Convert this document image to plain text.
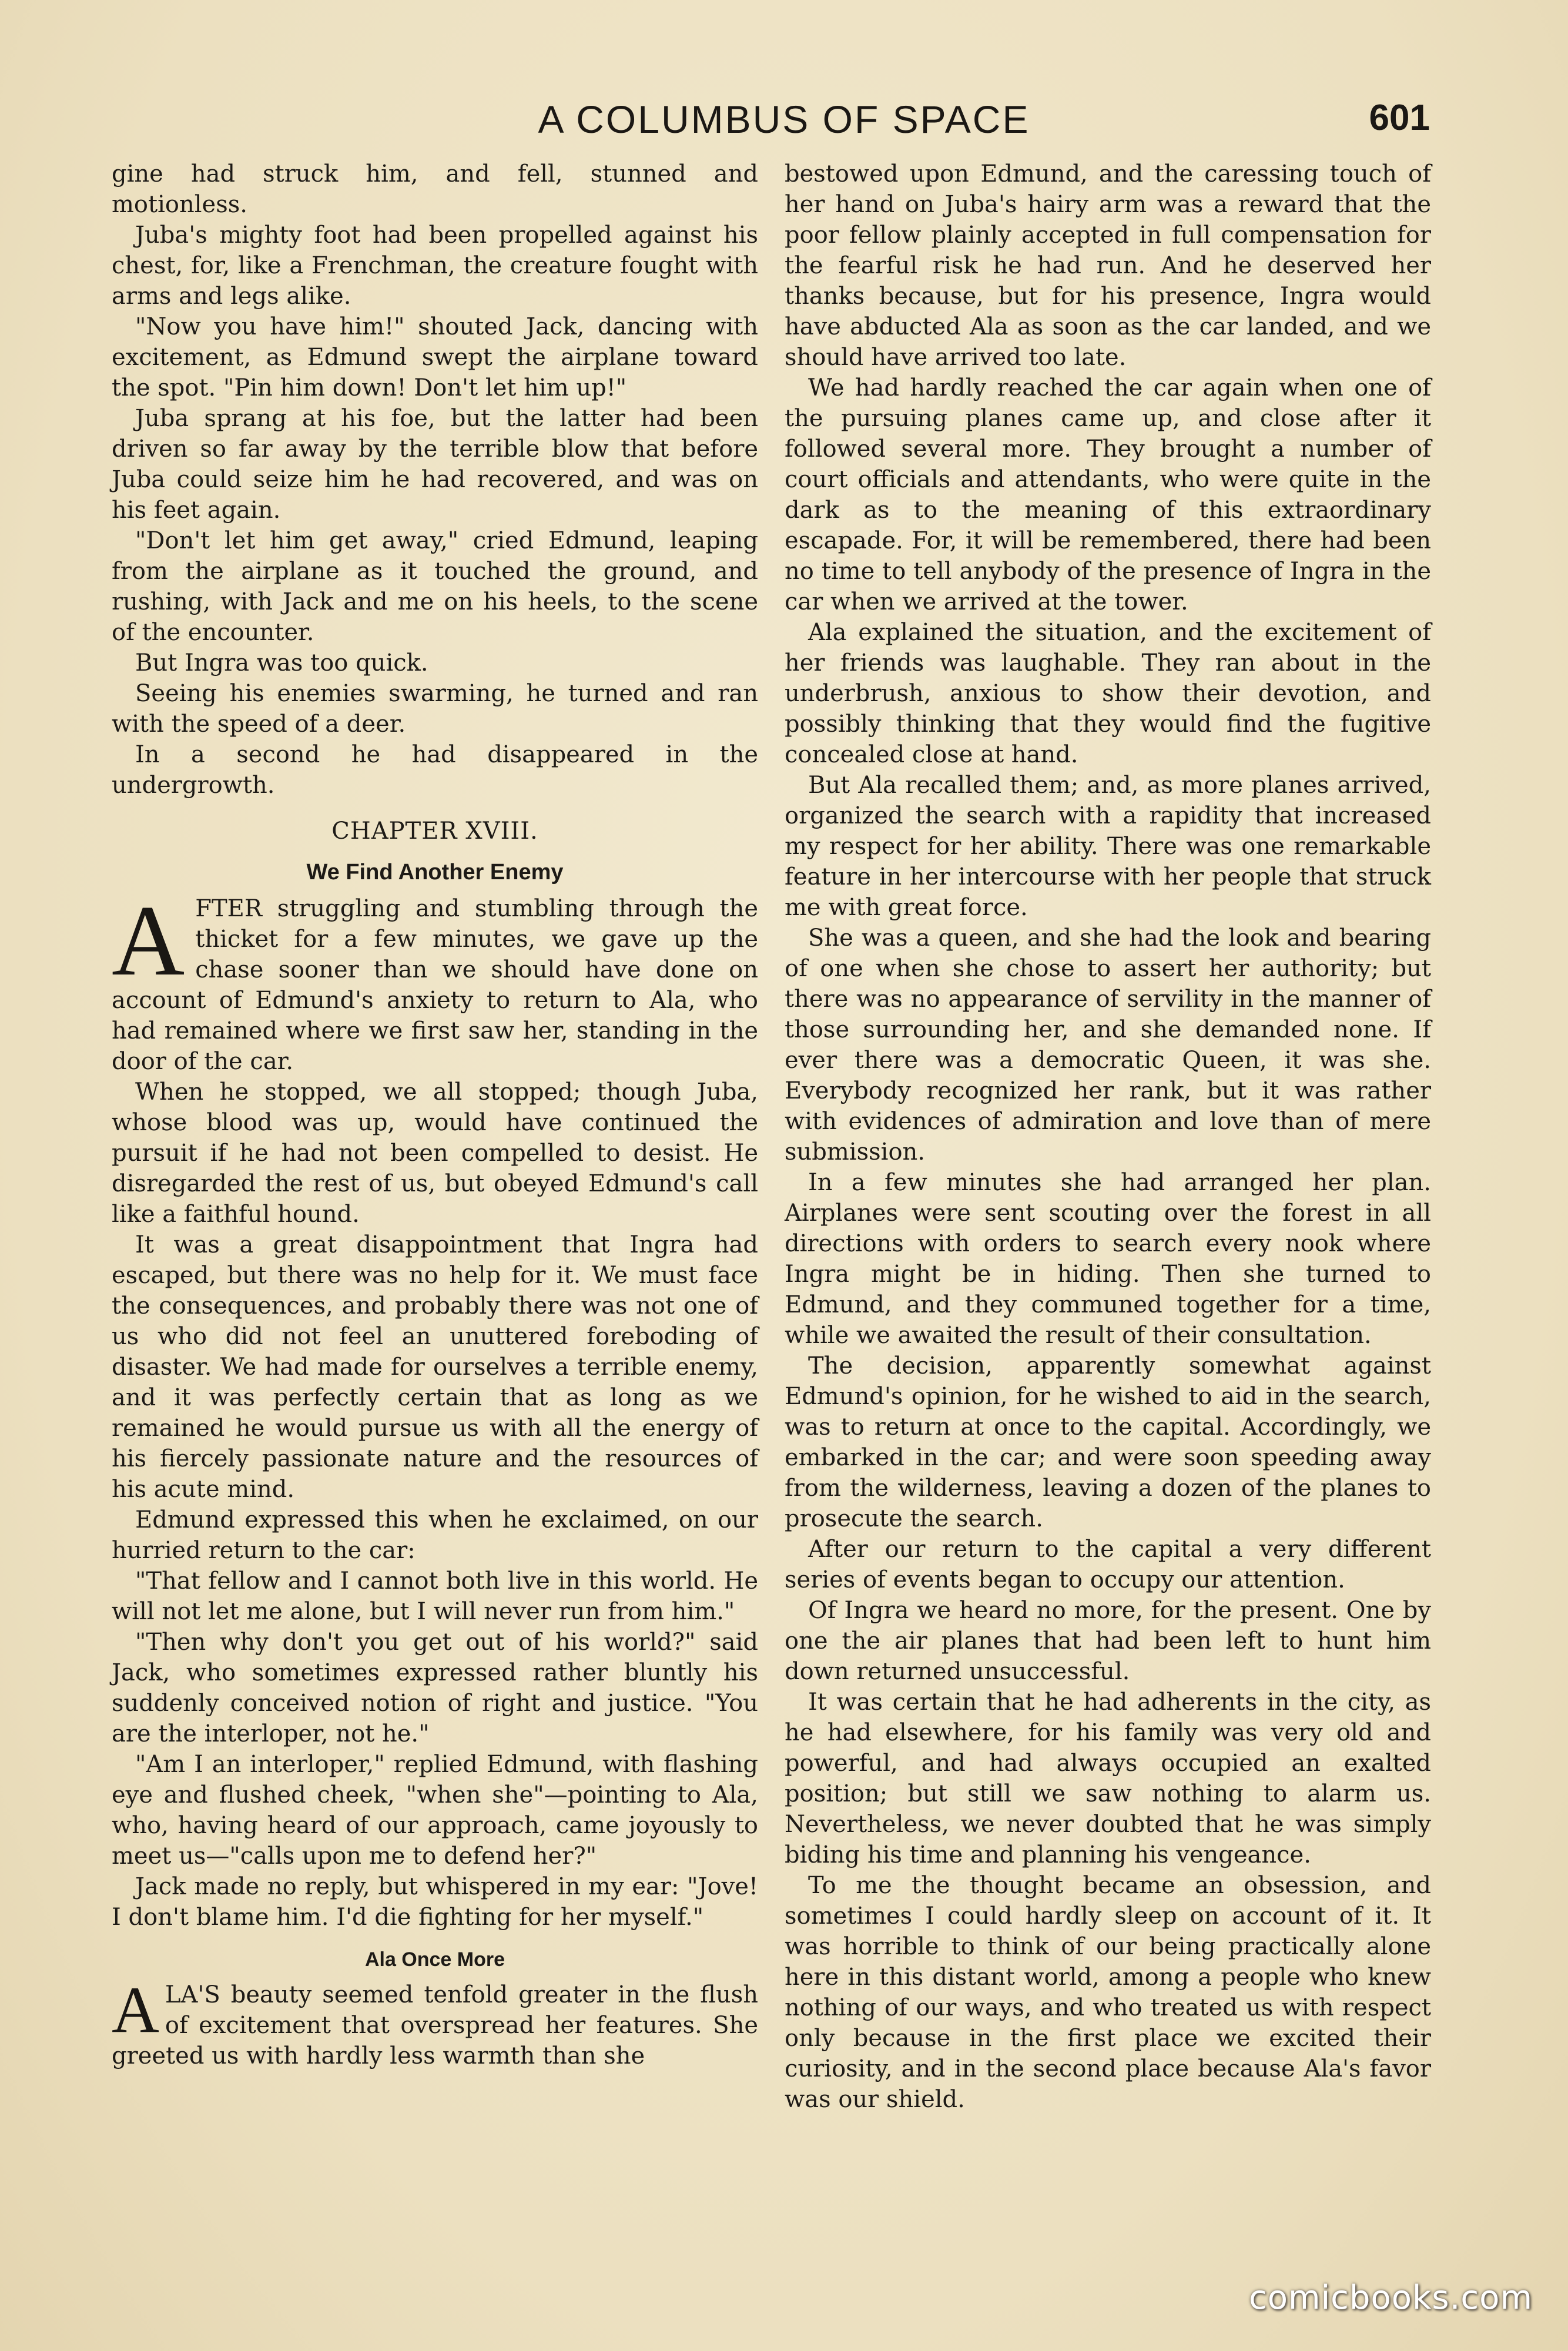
A COLUMBUS OF SPACE	601

gine had struck him, and fell, stunned and motionless.

Juba's mighty foot had been propelled against his chest, for, like a Frenchman, the creature fought with arms and legs alike.

"Now you have him!" shouted Jack, dancing with excitement, as Edmund swept the airplane toward the spot. "Pin him down! Don't let him up!"

Juba sprang at his foe, but the latter had been driven so far away by the terrible blow that before Juba could seize him he had recovered, and was on his feet again.

"Don't let him get away," cried Edmund, leaping from the airplane as it touched the ground, and rushing, with Jack and me on his heels, to the scene of the encounter.

But Ingra was too quick.

Seeing his enemies swarming, he turned and ran with the speed of a deer.

In a second he had disappeared in the undergrowth.

CHAPTER XVIII.
We Find Another Enemy

AFTER struggling and stumbling through the thicket for a few minutes, we gave up the chase sooner than we should have done on account of Edmund's anxiety to return to Ala, who had remained where we first saw her, standing in the door of the car.

When he stopped, we all stopped; though Juba, whose blood was up, would have continued the pursuit if he had not been compelled to desist. He disregarded the rest of us, but obeyed Edmund's call like a faithful hound.

It was a great disappointment that Ingra had escaped, but there was no help for it. We must face the consequences, and probably there was not one of us who did not feel an unuttered foreboding of disaster. We had made for ourselves a terrible enemy, and it was perfectly certain that as long as we remained he would pursue us with all the energy of his fiercely passionate nature and the resources of his acute mind.

Edmund expressed this when he exclaimed, on our hurried return to the car:

"That fellow and I cannot both live in this world. He will not let me alone, but I will never run from him."

"Then why don't you get out of his world?" said Jack, who sometimes expressed rather bluntly his suddenly conceived notion of right and justice. "You are the interloper, not he."

"Am I an interloper," replied Edmund, with flashing eye and flushed cheek, "when she"—pointing to Ala, who, having heard of our approach, came joyously to meet us—"calls upon me to defend her?"

Jack made no reply, but whispered in my ear: "Jove! I don't blame him. I'd die fighting for her myself."

Ala Once More

ALA'S beauty seemed tenfold greater in the flush of excitement that overspread her features. She greeted us with hardly less warmth than she

bestowed upon Edmund, and the caressing touch of her hand on Juba's hairy arm was a reward that the poor fellow plainly accepted in full compensation for the fearful risk he had run. And he deserved her thanks because, but for his presence, Ingra would have abducted Ala as soon as the car landed, and we should have arrived too late.

We had hardly reached the car again when one of the pursuing planes came up, and close after it followed several more. They brought a number of court officials and attendants, who were quite in the dark as to the meaning of this extraordinary escapade. For, it will be remembered, there had been no time to tell anybody of the presence of Ingra in the car when we arrived at the tower.

Ala explained the situation, and the excitement of her friends was laughable. They ran about in the underbrush, anxious to show their devotion, and possibly thinking that they would find the fugitive concealed close at hand.

But Ala recalled them; and, as more planes arrived, organized the search with a rapidity that increased my respect for her ability. There was one remarkable feature in her intercourse with her people that struck me with great force.

She was a queen, and she had the look and bearing of one when she chose to assert her authority; but there was no appearance of servility in the manner of those surrounding her, and she demanded none. If ever there was a democratic Queen, it was she. Everybody recognized her rank, but it was rather with evidences of admiration and love than of mere submission.

In a few minutes she had arranged her plan. Airplanes were sent scouting over the forest in all directions with orders to search every nook where Ingra might be in hiding. Then she turned to Edmund, and they communed together for a time, while we awaited the result of their consultation.

The decision, apparently somewhat against Edmund's opinion, for he wished to aid in the search, was to return at once to the capital. Accordingly, we embarked in the car; and were soon speeding away from the wilderness, leaving a dozen of the planes to prosecute the search.

After our return to the capital a very different series of events began to occupy our attention.

Of Ingra we heard no more, for the present. One by one the air planes that had been left to hunt him down returned unsuccessful.

It was certain that he had adherents in the city, as he had elsewhere, for his family was very old and powerful, and had always occupied an exalted position; but still we saw nothing to alarm us. Nevertheless, we never doubted that he was simply biding his time and planning his vengeance.

To me the thought became an obsession, and sometimes I could hardly sleep on account of it. It was horrible to think of our being practically alone here in this distant world, among a people who knew nothing of our ways, and who treated us with respect only because in the first place we excited their curiosity, and in the second place because Ala's favor was our shield.

comicbooks.com
